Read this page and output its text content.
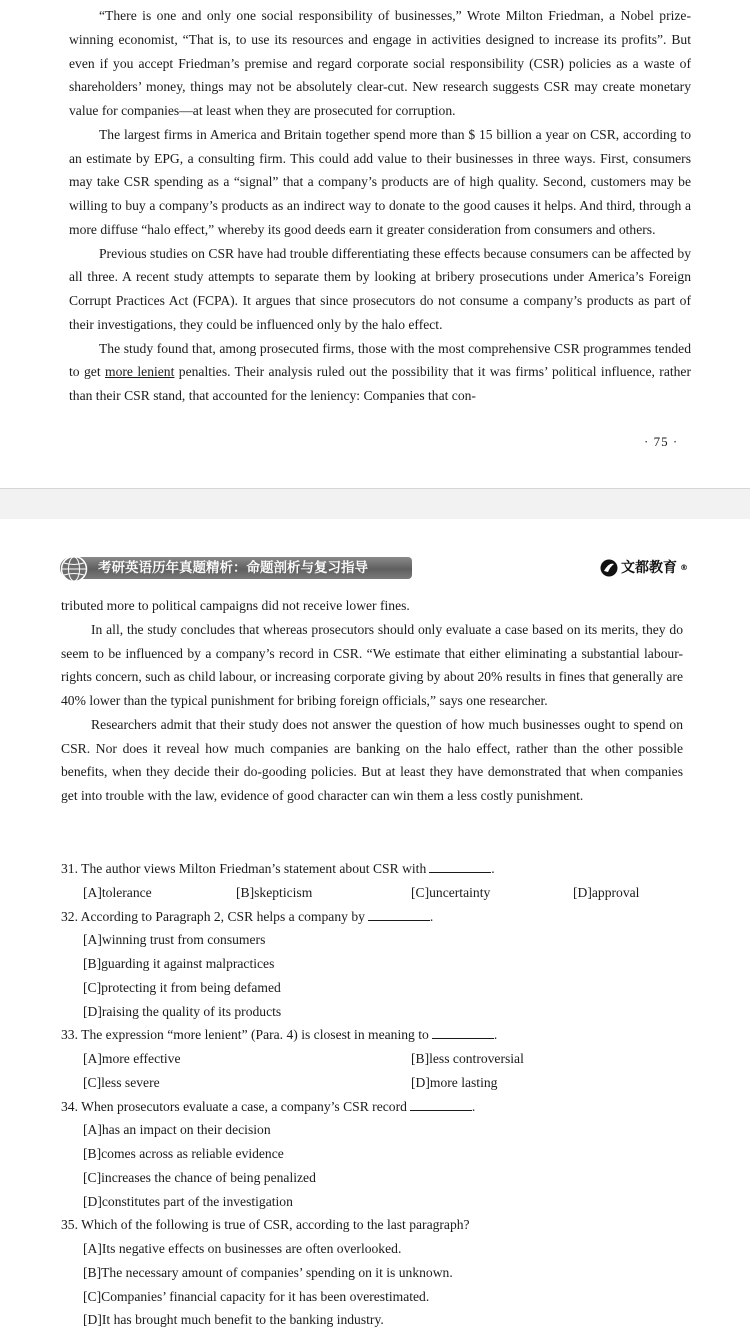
“There is one and only one social responsibility of businesses,” Wrote Milton Friedman, a Nobel prize-winning economist, “That is, to use its resources and engage in activities designed to increase its profits”. But even if you accept Friedman’s premise and regard corporate social responsibility (CSR) policies as a waste of shareholders’ money, things may not be absolutely clear-cut. New research suggests CSR may create monetary value for companies—at least when they are prosecuted for corruption.

The largest firms in America and Britain together spend more than $ 15 billion a year on CSR, according to an estimate by EPG, a consulting firm. This could add value to their businesses in three ways. First, consumers may take CSR spending as a “signal” that a company’s products are of high quality. Second, customers may be willing to buy a company’s products as an indirect way to donate to the good causes it helps. And third, through a more diffuse “halo effect,” whereby its good deeds earn it greater consideration from consumers and others.

Previous studies on CSR have had trouble differentiating these effects because consumers can be affected by all three. A recent study attempts to separate them by looking at bribery prosecutions under America’s Foreign Corrupt Practices Act (FCPA). It argues that since prosecutors do not consume a company’s products as part of their investigations, they could be influenced only by the halo effect.

The study found that, among prosecuted firms, those with the most comprehensive CSR programmes tended to get more lenient penalties. Their analysis ruled out the possibility that it was firms’ political influence, rather than their CSR stand, that accounted for the leniency: Companies that con-

· 75 ·
考研英语历年真题精析：命题剖析与复习指导	文都教育 ®

tributed more to political campaigns did not receive lower fines.

In all, the study concludes that whereas prosecutors should only evaluate a case based on its merits, they do seem to be influenced by a company’s record in CSR. “We estimate that either eliminating a substantial labour-rights concern, such as child labour, or increasing corporate giving by about 20% results in fines that generally are 40% lower than the typical punishment for bribing foreign officials,” says one researcher.

Researchers admit that their study does not answer the question of how much businesses ought to spend on CSR. Nor does it reveal how much companies are banking on the halo effect, rather than the other possible benefits, when they decide their do-gooding policies. But at least they have demonstrated that when companies get into trouble with the law, evidence of good character can win them a less costly punishment.

31. The author views Milton Friedman’s statement about CSR with	.
[A]tolerance	[B]skepticism	[C]uncertainty	[D]approval
32. According to Paragraph 2, CSR helps a company by	.
[A]winning trust from consumers
[B]guarding it against malpractices
[C]protecting it from being defamed
[D]raising the quality of its products
33. The expression “more lenient” (Para. 4) is closest in meaning to	.
[A]more effective	[B]less controversial
[C]less severe	[D]more lasting
34. When prosecutors evaluate a case, a company’s CSR record	.
[A]has an impact on their decision
[B]comes across as reliable evidence
[C]increases the chance of being penalized
[D]constitutes part of the investigation
35. Which of the following is true of CSR, according to the last paragraph?
[A]Its negative effects on businesses are often overlooked.
[B]The necessary amount of companies’ spending on it is unknown.
[C]Companies’ financial capacity for it has been overestimated.
[D]It has brought much benefit to the banking industry.
